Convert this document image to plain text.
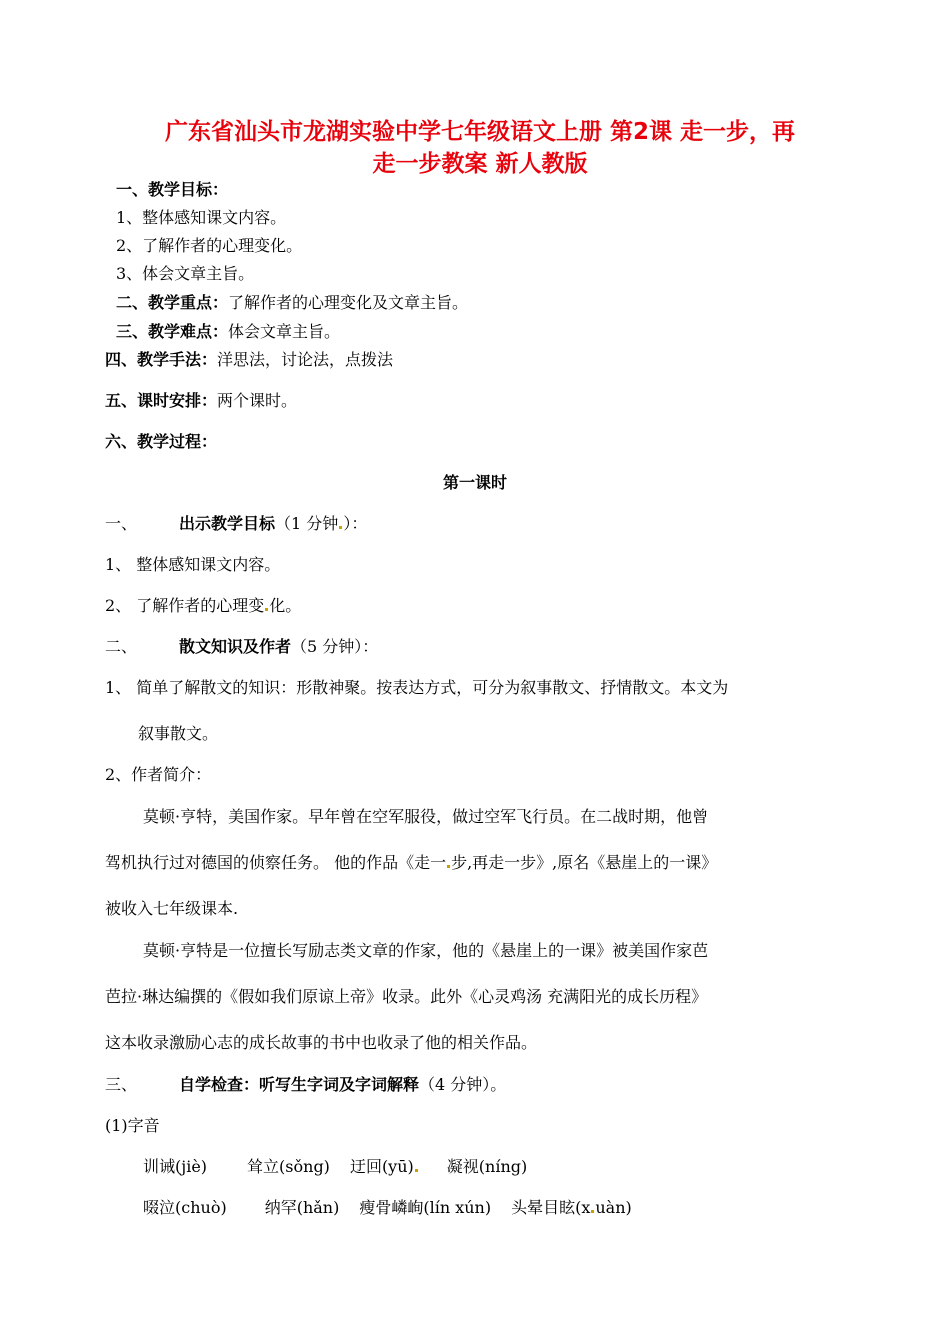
广东省汕头市龙湖实验中学七年级语文上册 第2课 走一步，再
走一步教案 新人教版
一、教学目标：
1、整体感知课文内容。
2、了解作者的心理变化。
3、体会文章主旨。
二、教学重点：了解作者的心理变化及文章主旨。
三、教学难点：体会文章主旨。
四、教学手法：洋思法，讨论法，点拨法
五、课时安排：两个课时。
六、教学过程：
第一课时
一、	出示教学目标（1 分钟 ）：
1、 整体感知课文内容。
2、 了解作者的心理变 化。
二、	散文知识及作者（5 分钟）：
1、 简单了解散文的知识：形散神聚。按表达方式，可分为叙事散文、抒情散文。本文为
叙事散文。
2、作者简介：
莫顿·亨特，美国作家。早年曾在空军服役，做过空军飞行员。在二战时期，他曾
驾机执行过对德国的侦察任务。 他的作品《走一 步,再走一步》,原名《悬崖上的一课》
被收入七年级课本.
莫顿·亨特是一位擅长写励志类文章的作家，他的《悬崖上的一课》被美国作家芭
芭拉·琳达编撰的《假如我们原谅上帝》收录。此外《心灵鸡汤 充满阳光的成长历程》
这本收录激励心志的成长故事的书中也收录了他的相关作品。
三、	自学检查：听写生字词及字词解释（4 分钟）。
(1)字音
训诫(jiè)	耸立(sǒng) 迂回(yū) 凝视(níng)
啜泣(chuò) 纳罕(hǎn) 瘦骨嶙峋(lín xún) 头晕目眩(x uàn)
